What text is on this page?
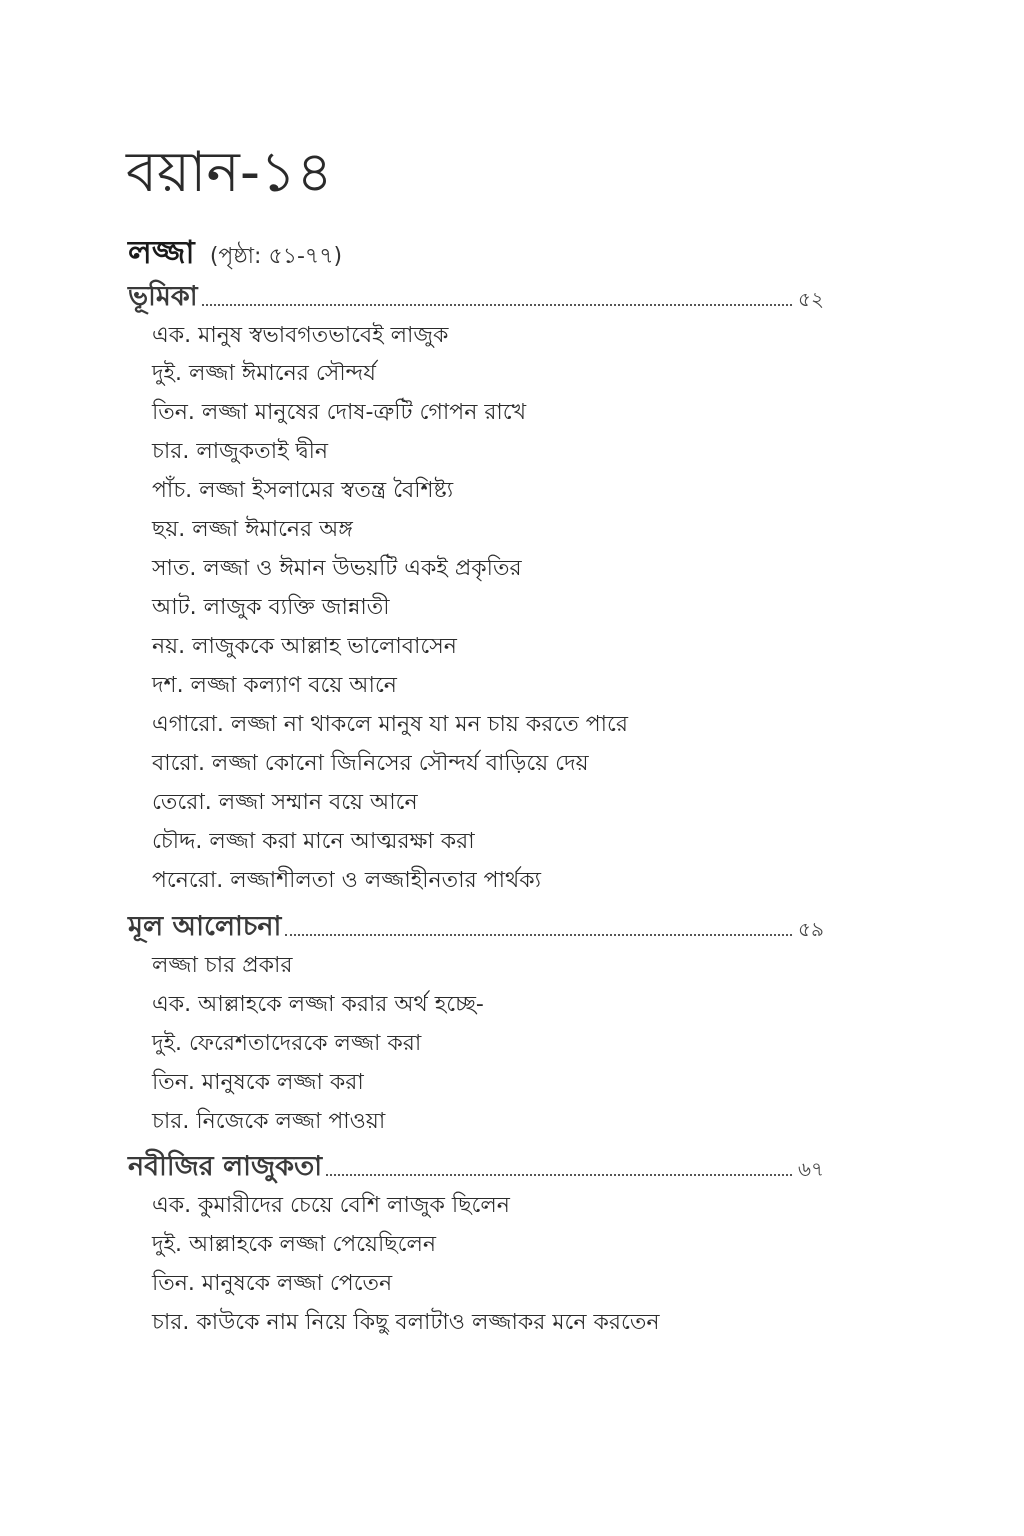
বয়ান-১৪
লজ্জা (পৃষ্ঠা: ৫১-৭৭)
ভূমিকা	৫২
এক. মানুষ স্বভাবগতভাবেই লাজুক
দুই. লজ্জা ঈমানের সৌন্দর্য
তিন. লজ্জা মানুষের দোষ-ত্রুটি গোপন রাখে
চার. লাজুকতাই দ্বীন
পাঁচ. লজ্জা ইসলামের স্বতন্ত্র বৈশিষ্ট্য
ছয়. লজ্জা ঈমানের অঙ্গ
সাত. লজ্জা ও ঈমান উভয়টি একই প্রকৃতির
আট. লাজুক ব্যক্তি জান্নাতী
নয়. লাজুককে আল্লাহ ভালোবাসেন
দশ. লজ্জা কল্যাণ বয়ে আনে
এগারো. লজ্জা না থাকলে মানুষ যা মন চায় করতে পারে
বারো. লজ্জা কোনো জিনিসের সৌন্দর্য বাড়িয়ে দেয়
তেরো. লজ্জা সম্মান বয়ে আনে
চৌদ্দ. লজ্জা করা মানে আত্মরক্ষা করা
পনেরো. লজ্জাশীলতা ও লজ্জাহীনতার পার্থক্য
মূল আলোচনা	৫৯
লজ্জা চার প্রকার
এক. আল্লাহকে লজ্জা করার অর্থ হচ্ছে-
দুই. ফেরেশতাদেরকে লজ্জা করা
তিন. মানুষকে লজ্জা করা
চার. নিজেকে লজ্জা পাওয়া
নবীজির লাজুকতা	৬৭
এক. কুমারীদের চেয়ে বেশি লাজুক ছিলেন
দুই. আল্লাহকে লজ্জা পেয়েছিলেন
তিন. মানুষকে লজ্জা পেতেন
চার. কাউকে নাম নিয়ে কিছু বলাটাও লজ্জাকর মনে করতেন
